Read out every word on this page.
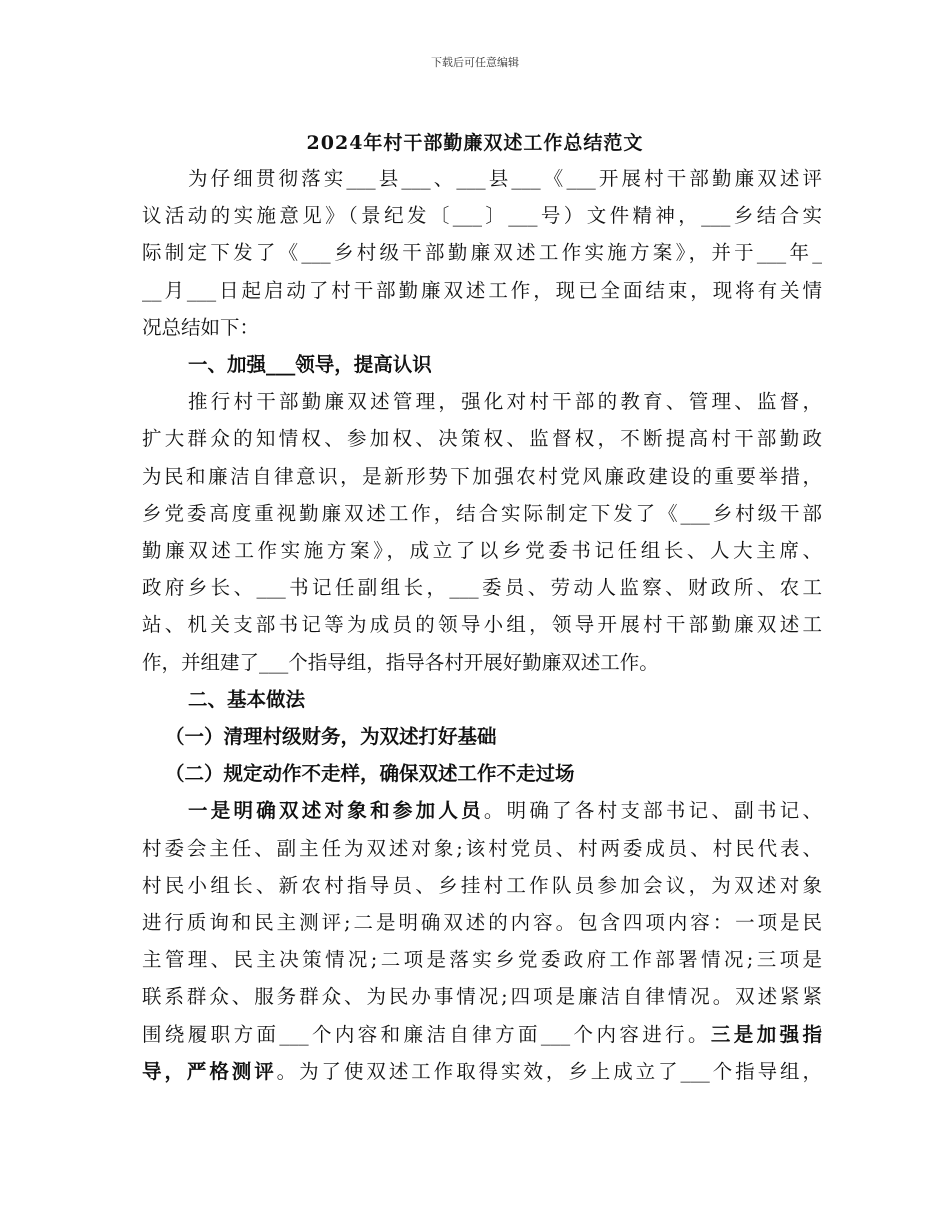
下载后可任意编辑
2024年村干部勤廉双述工作总结范文
为仔细贯彻落实___县___、___县___《___开展村干部勤廉双述评
议活动的实施意见》（景纪发〔___〕___号）文件精神，___乡结合实
际制定下发了《___乡村级干部勤廉双述工作实施方案》，并于___年_
__月___日起启动了村干部勤廉双述工作，现已全面结束，现将有关情
况总结如下：
一、加强___领导，提高认识
推行村干部勤廉双述管理，强化对村干部的教育、管理、监督，
扩大群众的知情权、参加权、决策权、监督权，不断提高村干部勤政
为民和廉洁自律意识，是新形势下加强农村党风廉政建设的重要举措，
乡党委高度重视勤廉双述工作，结合实际制定下发了《___乡村级干部
勤廉双述工作实施方案》，成立了以乡党委书记任组长、人大主席、
政府乡长、___书记任副组长，___委员、劳动人监察、财政所、农工
站、机关支部书记等为成员的领导小组，领导开展村干部勤廉双述工
作，并组建了___个指导组，指导各村开展好勤廉双述工作。
二、基本做法
（一）清理村级财务，为双述打好基础
（二）规定动作不走样，确保双述工作不走过场
一是明确双述对象和参加人员。明确了各村支部书记、副书记、
村委会主任、副主任为双述对象;该村党员、村两委成员、村民代表、
村民小组长、新农村指导员、乡挂村工作队员参加会议，为双述对象
进行质询和民主测评;二是明确双述的内容。包含四项内容：一项是民
主管理、民主决策情况;二项是落实乡党委政府工作部署情况;三项是
联系群众、服务群众、为民办事情况;四项是廉洁自律情况。双述紧紧
围绕履职方面___个内容和廉洁自律方面___个内容进行。三是加强指
导，严格测评。为了使双述工作取得实效，乡上成立了___个指导组，
